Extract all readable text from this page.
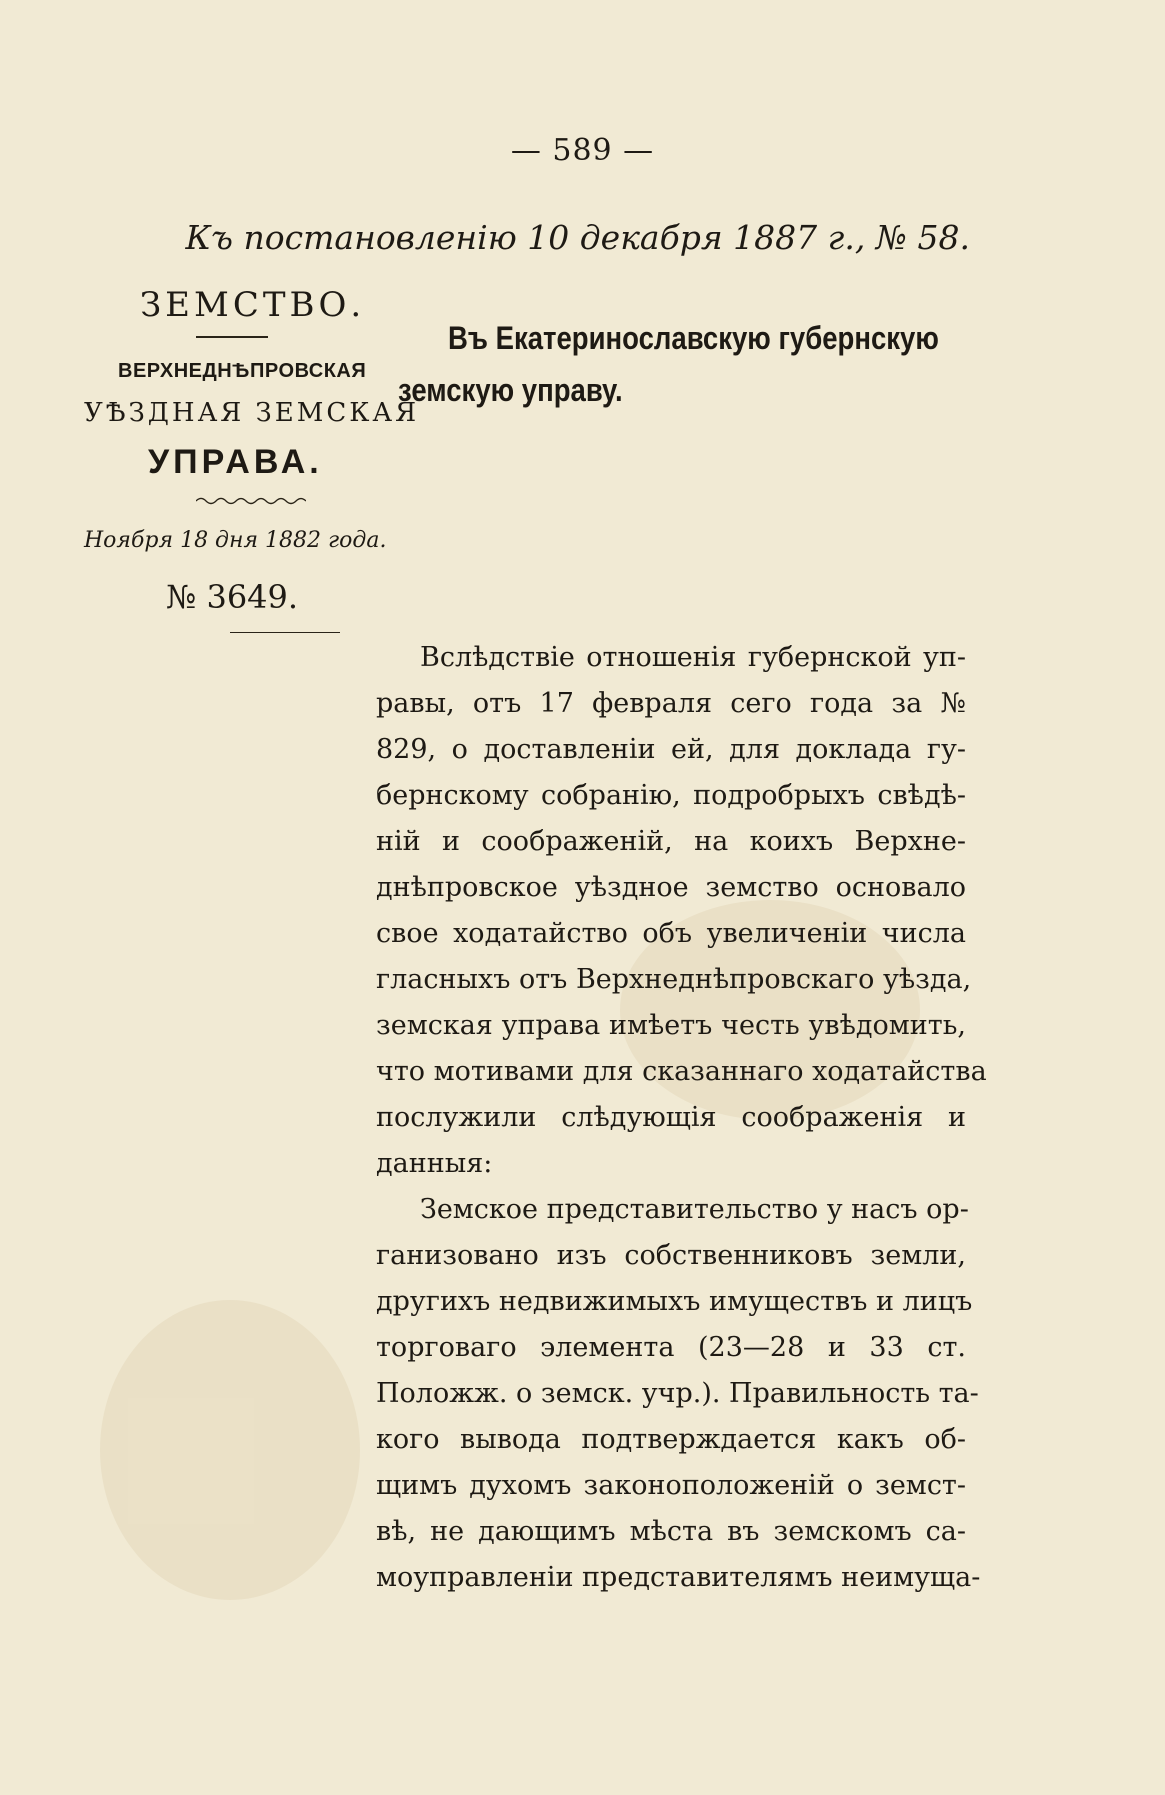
— 589 —
Къ постановленію 10 декабря 1887 г., № 58.
ЗЕМСТВО.
ВЕРХНЕДНѢПРОВСКАЯ
УѢЗДНАЯ ЗЕМСКАЯ
УПРАВА.
Ноября 18 дня 1882 года.
№ 3649.
Въ Екатеринославскую губернскую
земскую управу.
Вслѣдствіе отношенія губернской уп-
равы, отъ 17 февраля сего года за №
829, о доставленіи ей, для доклада гу-
бернскому собранію, подробрыхъ свѣдѣ-
ній и соображеній, на коихъ Верхне-
днѣпровское уѣздное земство основало
свое ходатайство объ увеличеніи числа
гласныхъ отъ Верхнеднѣпровскаго уѣзда,
земская управа имѣетъ честь увѣдомить,
что мотивами для сказаннаго ходатайства
послужили слѣдующія соображенія и
данныя:
Земское представительство у насъ ор-
ганизовано изъ собственниковъ земли,
другихъ недвижимыхъ имуществъ и лицъ
торговаго элемента (23—28 и 33 ст.
Положж. о земск. учр.). Правильность та-
кого вывода подтверждается какъ об-
щимъ духомъ законоположеній о земст-
вѣ, не дающимъ мѣста въ земскомъ са-
моуправленіи представителямъ неимуща-
